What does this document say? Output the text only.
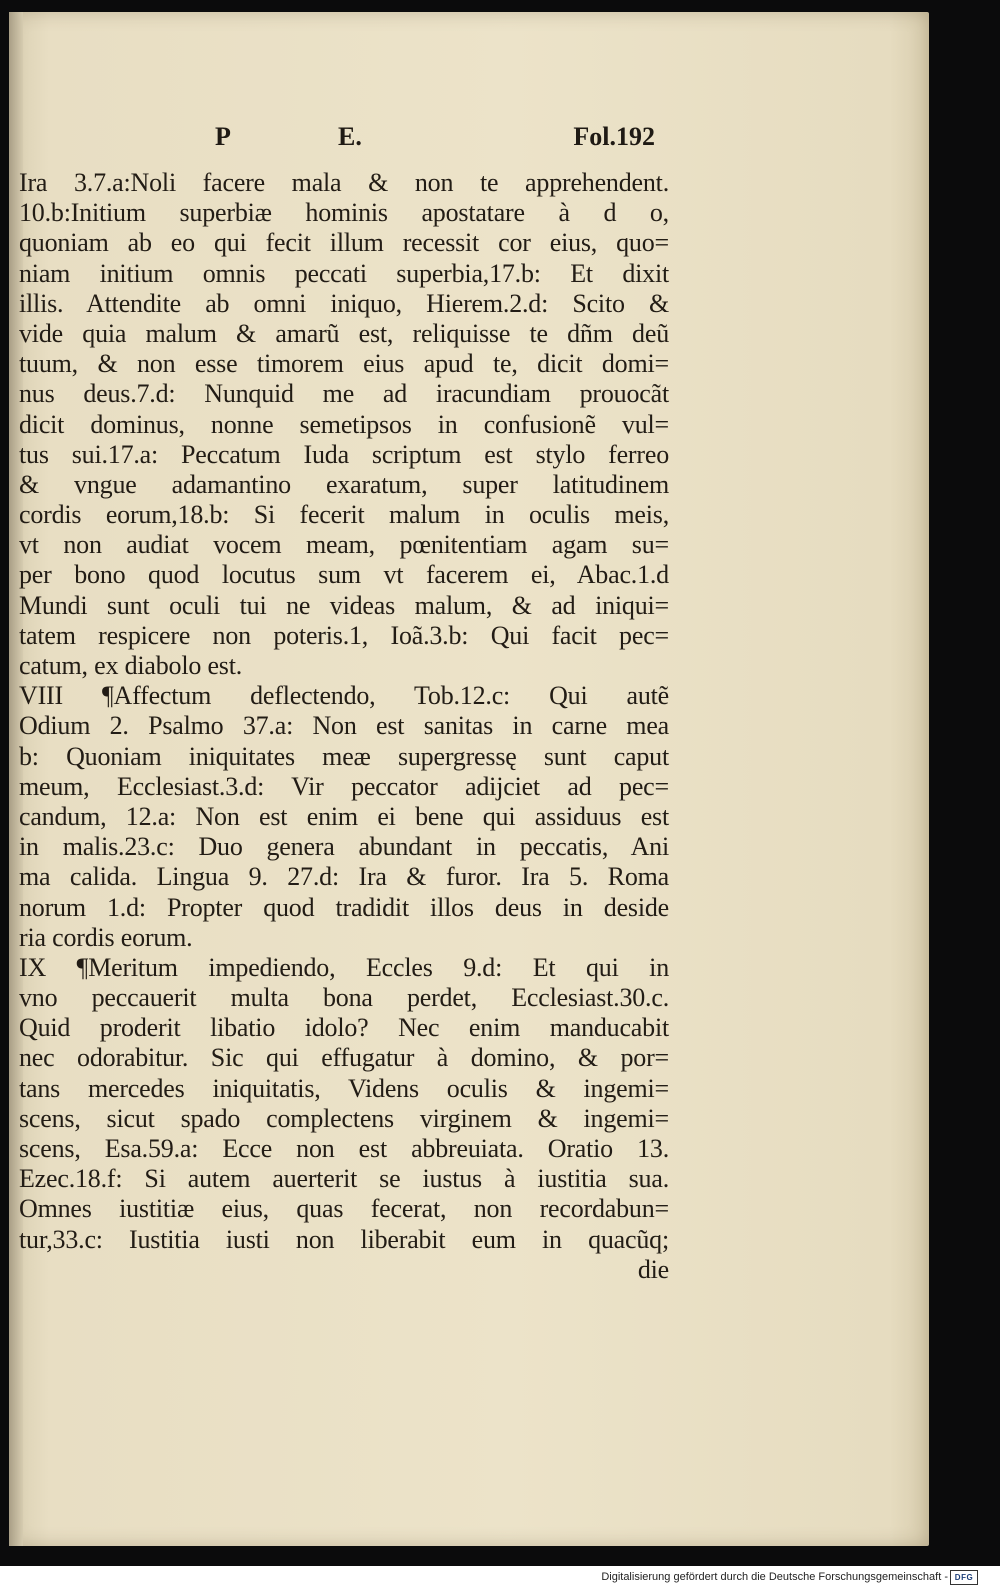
P	E.	Fol.192
Ira 3.7.a:Noli facere mala & non te apprehendent.
10.b:Initium superbiæ hominis apostatare à d o,
quoniam ab eo qui fecit illum recessit cor eius, quo=
niam initium omnis peccati superbia,17.b: Et dixit
illis. Attendite ab omni iniquo, Hierem.2.d: Scito &
vide quia malum & amarũ est, reliquisse te dñm deũ
tuum, & non esse timorem eius apud te, dicit domi=
nus deus.7.d: Nunquid me ad iracundiam prouocãt
dicit dominus, nonne semetipsos in confusionẽ vul=
tus sui.17.a: Peccatum Iuda scriptum est stylo ferreo
& vngue adamantino exaratum, super latitudinem
cordis eorum,18.b: Si fecerit malum in oculis meis,
vt non audiat vocem meam, pœnitentiam agam su=
per bono quod locutus sum vt facerem ei, Abac.1.d
Mundi sunt oculi tui ne videas malum, & ad iniqui=
tatem respicere non poteris.1, Ioã.3.b: Qui facit pec=
catum, ex diabolo est.
VIII ¶Affectum deflectendo, Tob.12.c: Qui autẽ
Odium 2. Psalmo 37.a: Non est sanitas in carne mea
b: Quoniam iniquitates meæ supergressę sunt caput
meum, Ecclesiast.3.d: Vir peccator adijciet ad pec=
candum, 12.a: Non est enim ei bene qui assiduus est
in malis.23.c: Duo genera abundant in peccatis, Ani
ma calida. Lingua 9. 27.d: Ira & furor. Ira 5. Roma
norum 1.d: Propter quod tradidit illos deus in deside
ria cordis eorum.
IX ¶Meritum impediendo, Eccles 9.d: Et qui in
vno peccauerit multa bona perdet, Ecclesiast.30.c.
Quid proderit libatio idolo? Nec enim manducabit
nec odorabitur. Sic qui effugatur à domino, & por=
tans mercedes iniquitatis, Videns oculis & ingemi=
scens, sicut spado complectens virginem & ingemi=
scens, Esa.59.a: Ecce non est abbreuiata. Oratio 13.
Ezec.18.f: Si autem auerterit se iustus à iustitia sua.
Omnes iustitiæ eius, quas fecerat, non recordabun=
tur,33.c: Iustitia iusti non liberabit eum in quacũq;
die
Digitalisierung gefördert durch die Deutsche Forschungsgemeinschaft - DFG
